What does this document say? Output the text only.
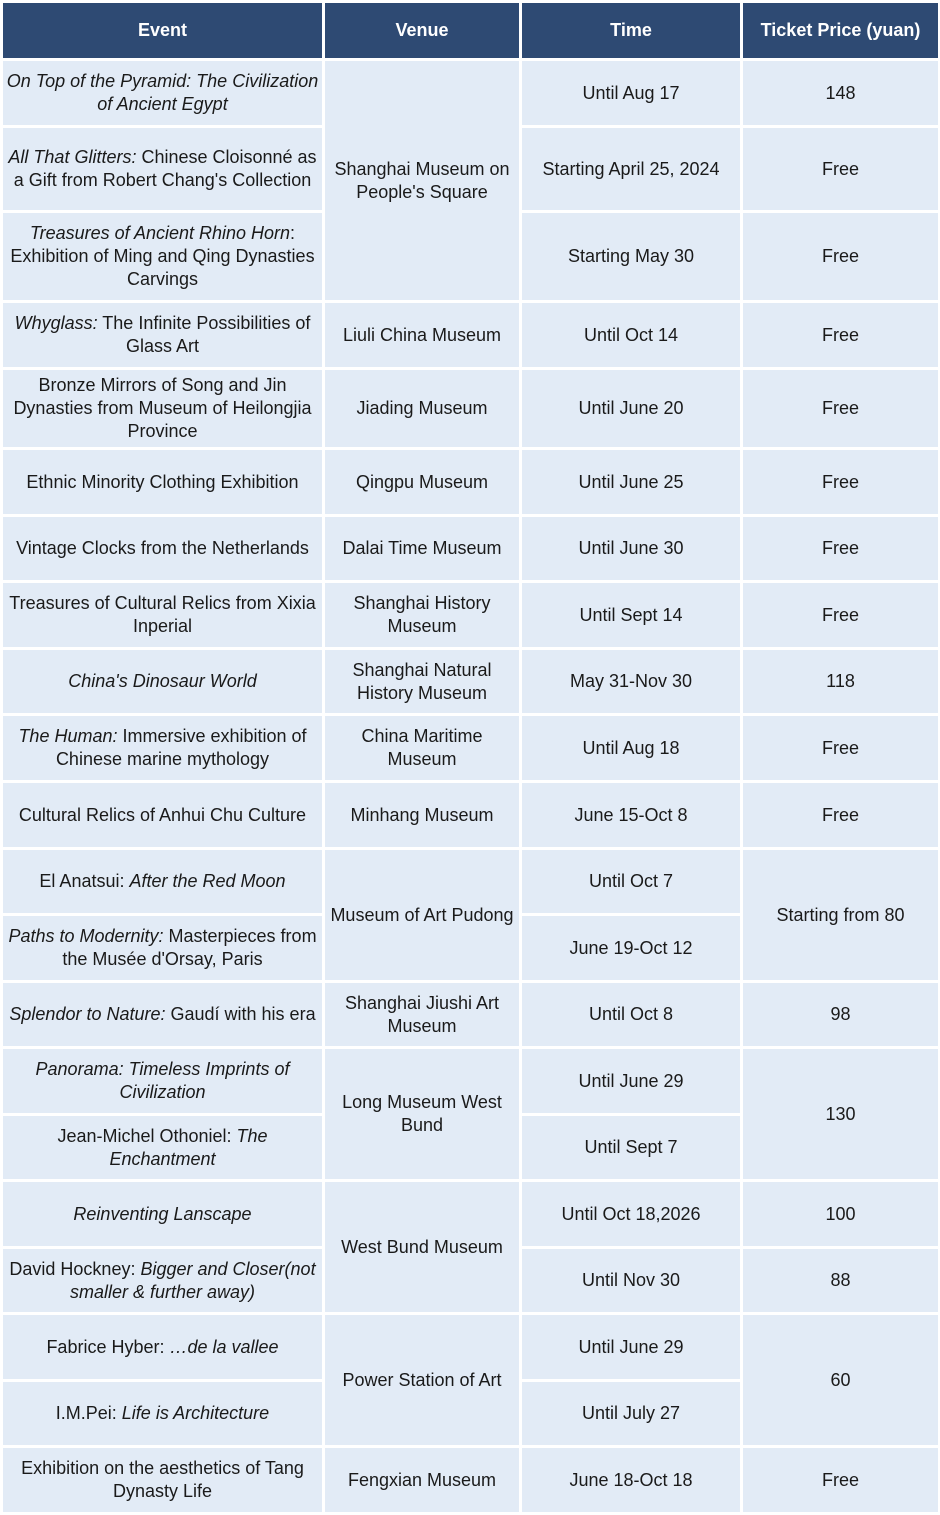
Event	Venue	Time	Ticket Price (yuan)
On Top of the Pyramid: The Civilization of Ancient Egypt	Shanghai Museum on People's Square	Until Aug 17	148
All That Glitters: Chinese Cloisonné as a Gift from Robert Chang's Collection		Starting April 25, 2024	Free
Treasures of Ancient Rhino Horn: Exhibition of Ming and Qing Dynasties Carvings		Starting May 30	Free
Whyglass: The Infinite Possibilities of Glass Art	Liuli China Museum	Until Oct 14	Free
Bronze Mirrors of Song and Jin Dynasties from Museum of Heilongjia Province	Jiading Museum	Until June 20	Free
Ethnic Minority Clothing Exhibition	Qingpu Museum	Until June 25	Free
Vintage Clocks from the Netherlands	Dalai Time Museum	Until June 30	Free
Treasures of Cultural Relics from Xixia Inperial	Shanghai History Museum	Until Sept 14	Free
China's Dinosaur World	Shanghai Natural History Museum	May 31-Nov 30	118
The Human: Immersive exhibition of Chinese marine mythology	China Maritime Museum	Until Aug 18	Free
Cultural Relics of Anhui Chu Culture	Minhang Museum	June 15-Oct 8	Free
El Anatsui: After the Red Moon	Museum of Art Pudong	Until Oct 7	Starting from 80
Paths to Modernity: Masterpieces from the Musée d'Orsay, Paris		June 19-Oct 12	
Splendor to Nature: Gaudí with his era	Shanghai Jiushi Art Museum	Until Oct 8	98
Panorama: Timeless Imprints of Civilization	Long Museum West Bund	Until June 29	130
Jean-Michel Othoniel: The Enchantment		Until Sept 7	
Reinventing Lanscape	West Bund Museum	Until Oct 18,2026	100
David Hockney: Bigger and Closer(not smaller & further away)		Until Nov 30	88
Fabrice Hyber: …de la vallee	Power Station of Art	Until June 29	60
I.M.Pei: Life is Architecture		Until July 27	
Exhibition on the aesthetics of Tang Dynasty Life	Fengxian Museum	June 18-Oct 18	Free
